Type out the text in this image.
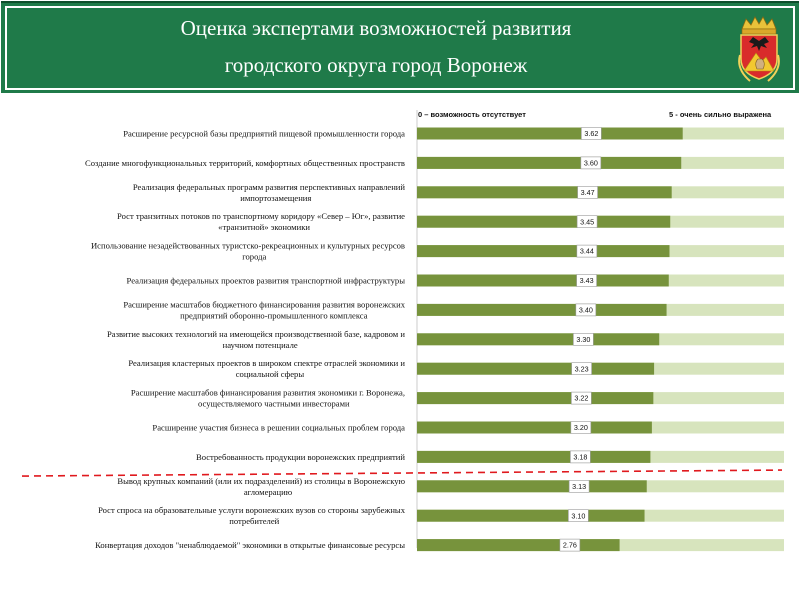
Оценка экспертами возможностей развития
городского округа город Воронеж
0 – возможность отсутствует	5 - очень сильно выражена
3.62
Расширение ресурсной базы предприятий пищевой промышленности города
3.60
Создание многофункциональных территорий, комфортных общественных пространств
3.47
Реализация федеральных программ развития перспективных направлений импортозамещения
3.45
Рост транзитных потоков по транспортному коридору «Север – Юг», развитие «транзитной» экономики
3.44
Использование незадействованных туристско-рекреационных и культурных ресурсов города
3.43
Реализация федеральных проектов развития транспортной инфраструктуры
3.40
Расширение масштабов бюджетного финансирования развития воронежских предприятий оборонно-промышленного комплекса
3.30
Развитие высоких технологий на имеющейся производственной базе, кадровом и научном потенциале
3.23
Реализация кластерных проектов в широком спектре отраслей экономики и социальной сферы
3.22
Расширение масштабов финансирования развития экономики г. Воронежа, осуществляемого частными инвесторами
3.20
Расширение участия бизнеса в решении социальных проблем города
3.18
Востребованность продукции воронежских предприятий
3.13
Вывод крупных компаний (или их подразделений) из столицы в Воронежскую агломерацию
3.10
Рост спроса на образовательные услуги воронежских вузов со стороны зарубежных потребителей
2.76
Конвертация доходов "ненаблюдаемой" экономики в открытые финансовые ресурсы
